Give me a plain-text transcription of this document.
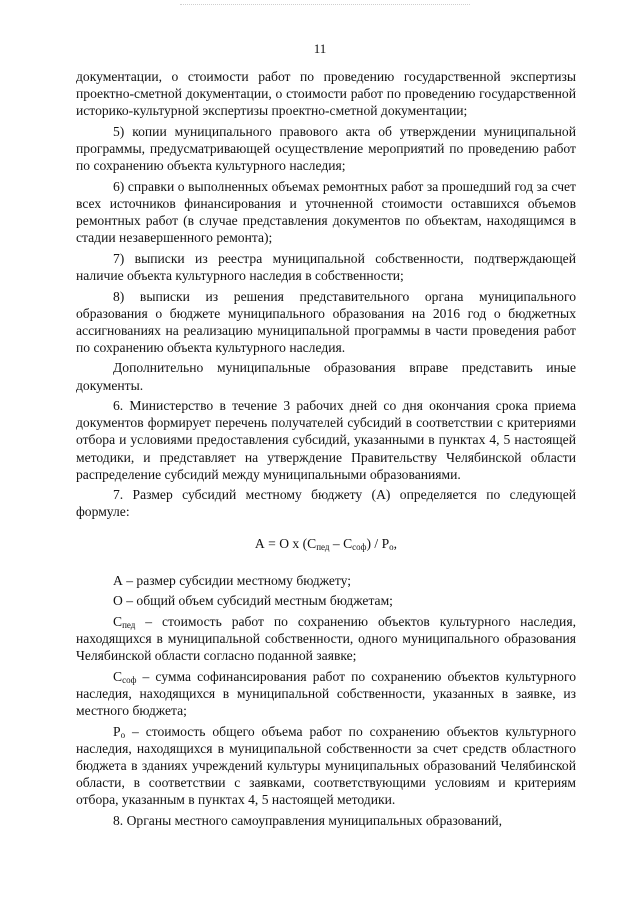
11

документации, о стоимости работ по проведению государственной экспертизы проектно-сметной документации, о стоимости работ по проведению государственной историко-культурной экспертизы проектно-сметной документации;

5) копии муниципального правового акта об утверждении муниципальной программы, предусматривающей осуществление мероприятий по проведению работ по сохранению объекта культурного наследия;

6) справки о выполненных объемах ремонтных работ за прошедший год за счет всех источников финансирования и уточненной стоимости оставшихся объемов ремонтных работ (в случае представления документов по объектам, находящимся в стадии незавершенного ремонта);

7) выписки из реестра муниципальной собственности, подтверждающей наличие объекта культурного наследия в собственности;

8) выписки из решения представительного органа муниципального образования о бюджете муниципального образования на 2016 год о бюджетных ассигнованиях на реализацию муниципальной программы в части проведения работ по сохранению объекта культурного наследия.

Дополнительно муниципальные образования вправе представить иные документы.

6. Министерство в течение 3 рабочих дней со дня окончания срока приема документов формирует перечень получателей субсидий в соответствии с критериями отбора и условиями предоставления субсидий, указанными в пунктах 4, 5 настоящей методики, и представляет на утверждение Правительству Челябинской области распределение субсидий между муниципальными образованиями.

7. Размер субсидий местному бюджету (А) определяется по следующей формуле:

А = О x $(С_{пед} - С_{соф}) / Р_о$,

А – размер субсидии местному бюджету;

О – общий объем субсидий местным бюджетам;

$С_{пед}$ – стоимость работ по сохранению объектов культурного наследия, находящихся в муниципальной собственности, одного муниципального образования Челябинской области согласно поданной заявке;

$С_{соф}$ – сумма софинансирования работ по сохранению объектов культурного наследия, находящихся в муниципальной собственности, указанных в заявке, из местного бюджета;

$Р_о$ – стоимость общего объема работ по сохранению объектов культурного наследия, находящихся в муниципальной собственности за счет средств областного бюджета в зданиях учреждений культуры муниципальных образований Челябинской области, в соответствии с заявками, соответствующими условиям и критериям отбора, указанным в пунктах 4, 5 настоящей методики.

8. Органы местного самоуправления муниципальных образований,
